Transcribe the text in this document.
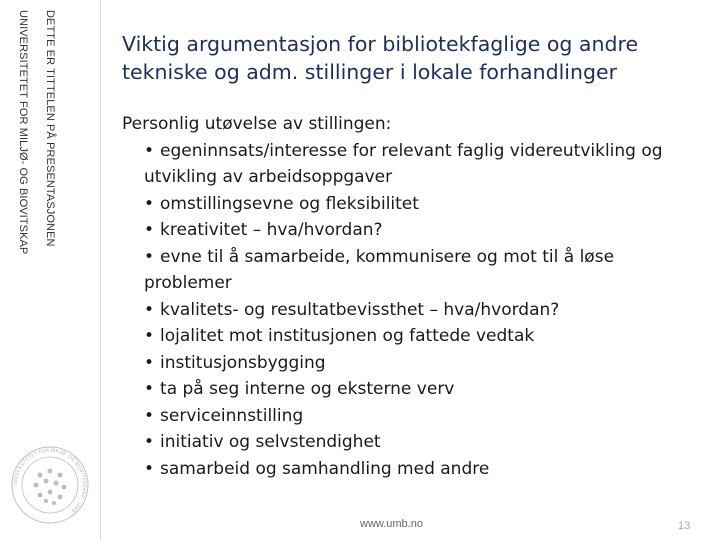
DETTE ER TITTELEN PÅ PRESENTASJONEN
UNIVERSITETET FOR MILJØ- OG BIOVITSKAP
UNIVERSITETET FOR MILJØ- OG BIOVITENSKAP · UMB
Viktig argumentasjon for bibliotekfaglige og andre
tekniske og adm. stillinger i lokale forhandlinger

Personlig utøvelse av stillingen:

• egeninnsats/interesse for relevant faglig videreutvikling og utvikling av arbeidsoppgaver
• omstillingsevne og fleksibilitet
• kreativitet – hva/hvordan?
• evne til å samarbeide, kommunisere og mot til å løse problemer
• kvalitets- og resultatbevissthet – hva/hvordan?
• lojalitet mot institusjonen og fattede vedtak
• institusjonsbygging
• ta på seg interne og eksterne verv
• serviceinnstilling
• initiativ og selvstendighet
• samarbeid og samhandling med andre
www.umb.no	13
